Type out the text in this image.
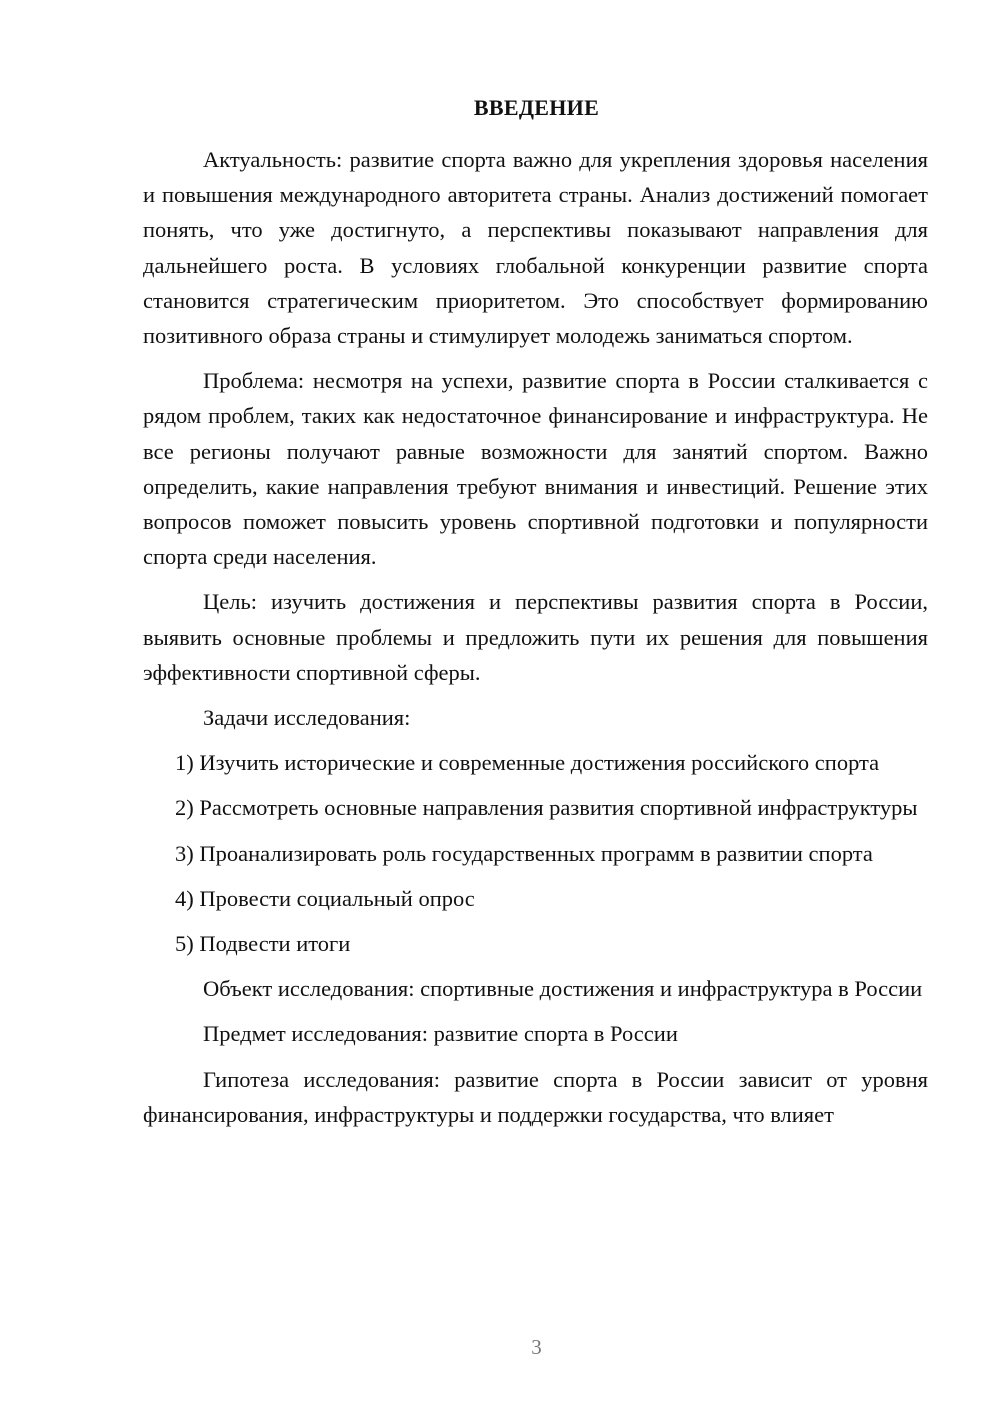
ВВЕДЕНИЕ

Актуальность: развитие спорта важно для укрепления здоровья населения и повышения международного авторитета страны. Анализ достижений помогает понять, что уже достигнуто, а перспективы показывают направления для дальнейшего роста. В условиях глобальной конкуренции развитие спорта становится стратегическим приоритетом. Это способствует формированию позитивного образа страны и стимулирует молодежь заниматься спортом.

Проблема: несмотря на успехи, развитие спорта в России сталкивается с рядом проблем, таких как недостаточное финансирование и инфраструктура. Не все регионы получают равные возможности для занятий спортом. Важно определить, какие направления требуют внимания и инвестиций. Решение этих вопросов поможет повысить уровень спортивной подготовки и популярности спорта среди населения.

Цель: изучить достижения и перспективы развития спорта в России, выявить основные проблемы и предложить пути их решения для повышения эффективности спортивной сферы.

Задачи исследования:

1) Изучить исторические и современные достижения российского спорта

2) Рассмотреть основные направления развития спортивной инфраструктуры

3) Проанализировать роль государственных программ в развитии спорта

4) Провести социальный опрос

5) Подвести итоги

Объект исследования: спортивные достижения и инфраструктура в России

Предмет исследования: развитие спорта в России

Гипотеза исследования: развитие спорта в России зависит от уровня финансирования, инфраструктуры и поддержки государства, что влияет

3
